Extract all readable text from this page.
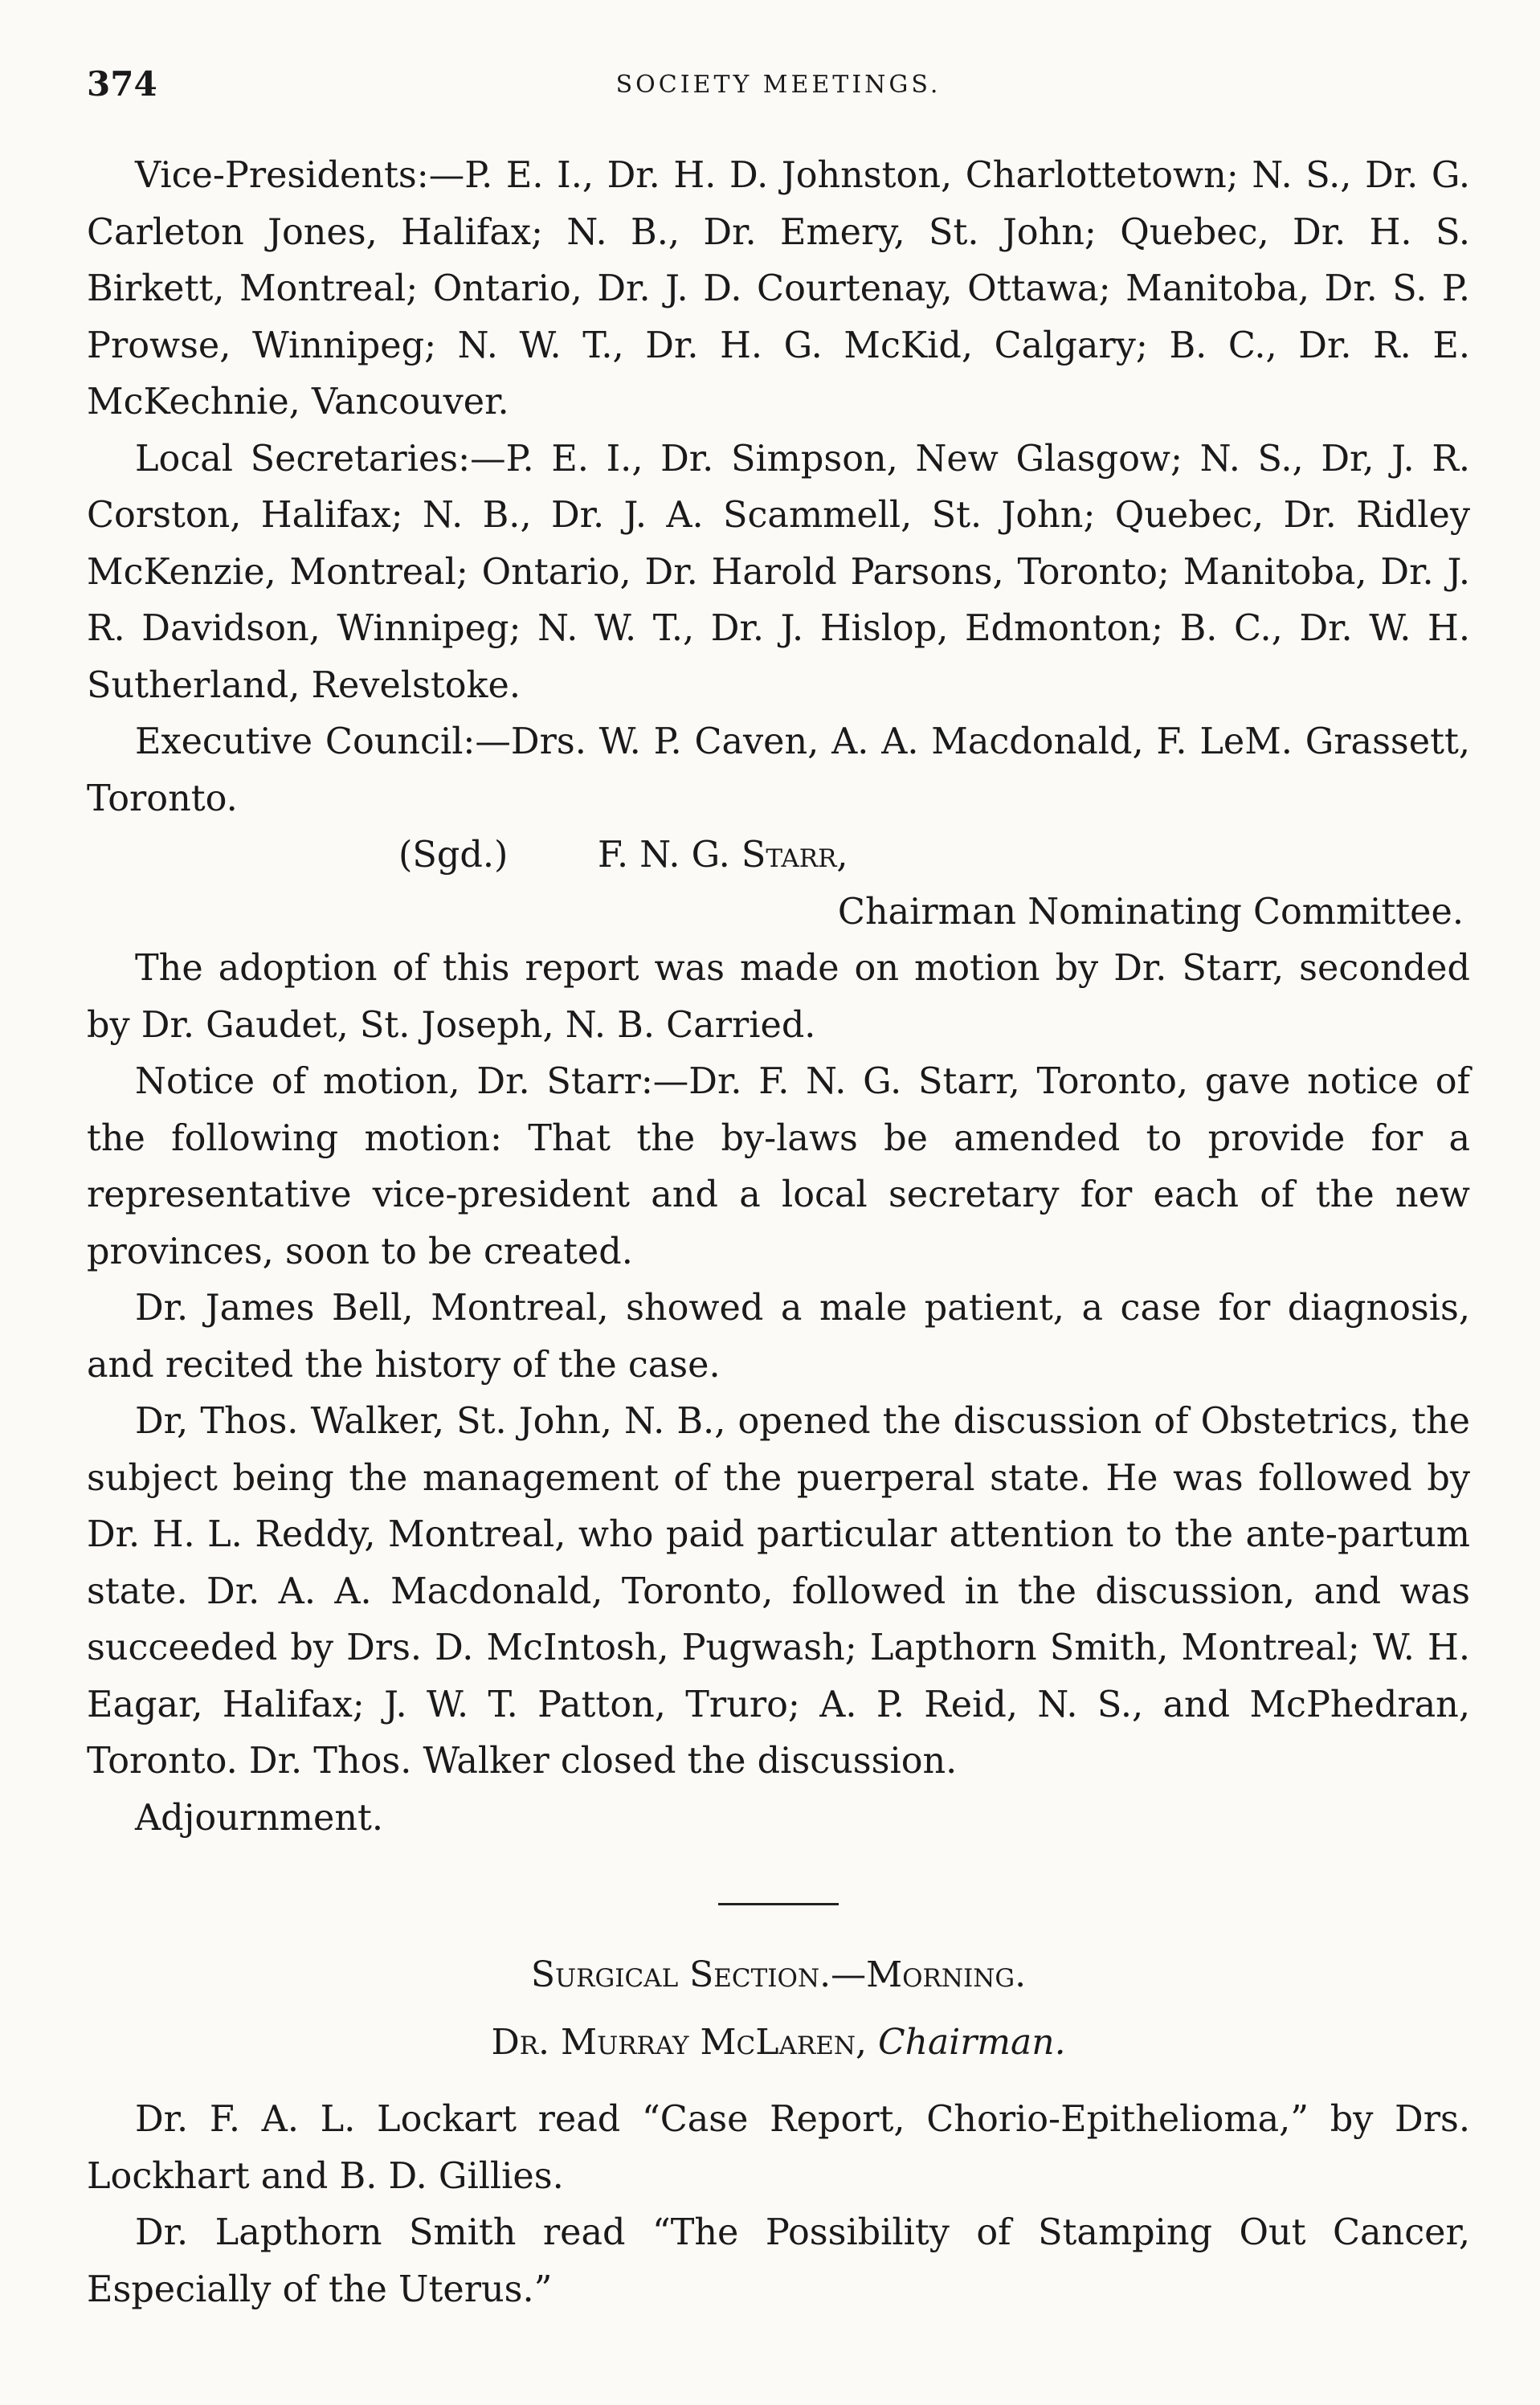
374	SOCIETY MEETINGS.

Vice-Presidents:—P. E. I., Dr. H. D. Johnston, Charlottetown; N. S., Dr. G. Carleton Jones, Halifax; N. B., Dr. Emery, St. John; Quebec, Dr. H. S. Birkett, Montreal; Ontario, Dr. J. D. Courtenay, Ottawa; Manitoba, Dr. S. P. Prowse, Winnipeg; N. W. T., Dr. H. G. McKid, Calgary; B. C., Dr. R. E. McKechnie, Vancouver.

Local Secretaries:—P. E. I., Dr. Simpson, New Glasgow; N. S., Dr, J. R. Corston, Halifax; N. B., Dr. J. A. Scammell, St. John; Quebec, Dr. Ridley McKenzie, Montreal; Ontario, Dr. Harold Parsons, Toronto; Manitoba, Dr. J. R. Davidson, Winnipeg; N. W. T., Dr. J. Hislop, Edmonton; B. C., Dr. W. H. Sutherland, Revelstoke.

Executive Council:—Drs. W. P. Caven, A. A. Macdonald, F. LeM. Grassett, Toronto.

(Sgd.)	F. N. G. Starr,

Chairman Nominating Committee.

The adoption of this report was made on motion by Dr. Starr, seconded by Dr. Gaudet, St. Joseph, N. B. Carried.

Notice of motion, Dr. Starr:—Dr. F. N. G. Starr, Toronto, gave notice of the following motion: That the by-laws be amended to provide for a representative vice-president and a local secretary for each of the new provinces, soon to be created.

Dr. James Bell, Montreal, showed a male patient, a case for diagnosis, and recited the history of the case.

Dr, Thos. Walker, St. John, N. B., opened the discussion of Obstetrics, the subject being the management of the puerperal state. He was followed by Dr. H. L. Reddy, Montreal, who paid particular attention to the ante-partum state. Dr. A. A. Macdonald, Toronto, followed in the discussion, and was succeeded by Drs. D. McIntosh, Pugwash; Lapthorn Smith, Montreal; W. H. Eagar, Halifax; J. W. T. Patton, Truro; A. P. Reid, N. S., and McPhedran, Toronto. Dr. Thos. Walker closed the discussion.

Adjournment.

Surgical Section.—Morning.

Dr. Murray McLaren, Chairman.

Dr. F. A. L. Lockart read “Case Report, Chorio-Epithelioma,” by Drs. Lockhart and B. D. Gillies.

Dr. Lapthorn Smith read “The Possibility of Stamping Out Cancer, Especially of the Uterus.”
